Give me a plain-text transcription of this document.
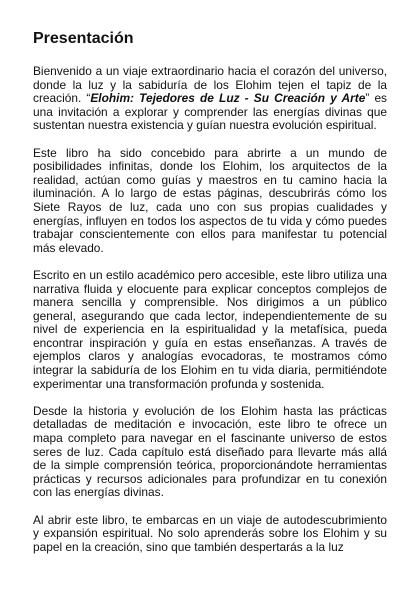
Presentación

Bienvenido a un viaje extraordinario hacia el corazón del universo, donde la luz y la sabiduría de los Elohim tejen el tapiz de la creación. “Elohim: Tejedores de Luz - Su Creación y Arte” es una invitación a explorar y comprender las energías divinas que sustentan nuestra existencia y guían nuestra evolución espiritual.

Este libro ha sido concebido para abrirte a un mundo de posibilidades infinitas, donde los Elohim, los arquitectos de la realidad, actúan como guías y maestros en tu camino hacia la iluminación. A lo largo de estas páginas, descubrirás cómo los Siete Rayos de luz, cada uno con sus propias cualidades y energías, influyen en todos los aspectos de tu vida y cómo puedes trabajar conscientemente con ellos para manifestar tu potencial más elevado.

Escrito en un estilo académico pero accesible, este libro utiliza una narrativa fluida y elocuente para explicar conceptos complejos de manera sencilla y comprensible. Nos dirigimos a un público general, asegurando que cada lector, independientemente de su nivel de experiencia en la espiritualidad y la metafísica, pueda encontrar inspiración y guía en estas enseñanzas. A través de ejemplos claros y analogías evocadoras, te mostramos cómo integrar la sabiduría de los Elohim en tu vida diaria, permitiéndote experimentar una transformación profunda y sostenida.

Desde la historia y evolución de los Elohim hasta las prácticas detalladas de meditación e invocación, este libro te ofrece un mapa completo para navegar en el fascinante universo de estos seres de luz. Cada capítulo está diseñado para llevarte más allá de la simple comprensión teórica, proporcionándote herramientas prácticas y recursos adicionales para profundizar en tu conexión con las energías divinas.

Al abrir este libro, te embarcas en un viaje de autodescubrimiento y expansión espiritual. No solo aprenderás sobre los Elohim y su papel en la creación, sino que también despertarás a la luz
